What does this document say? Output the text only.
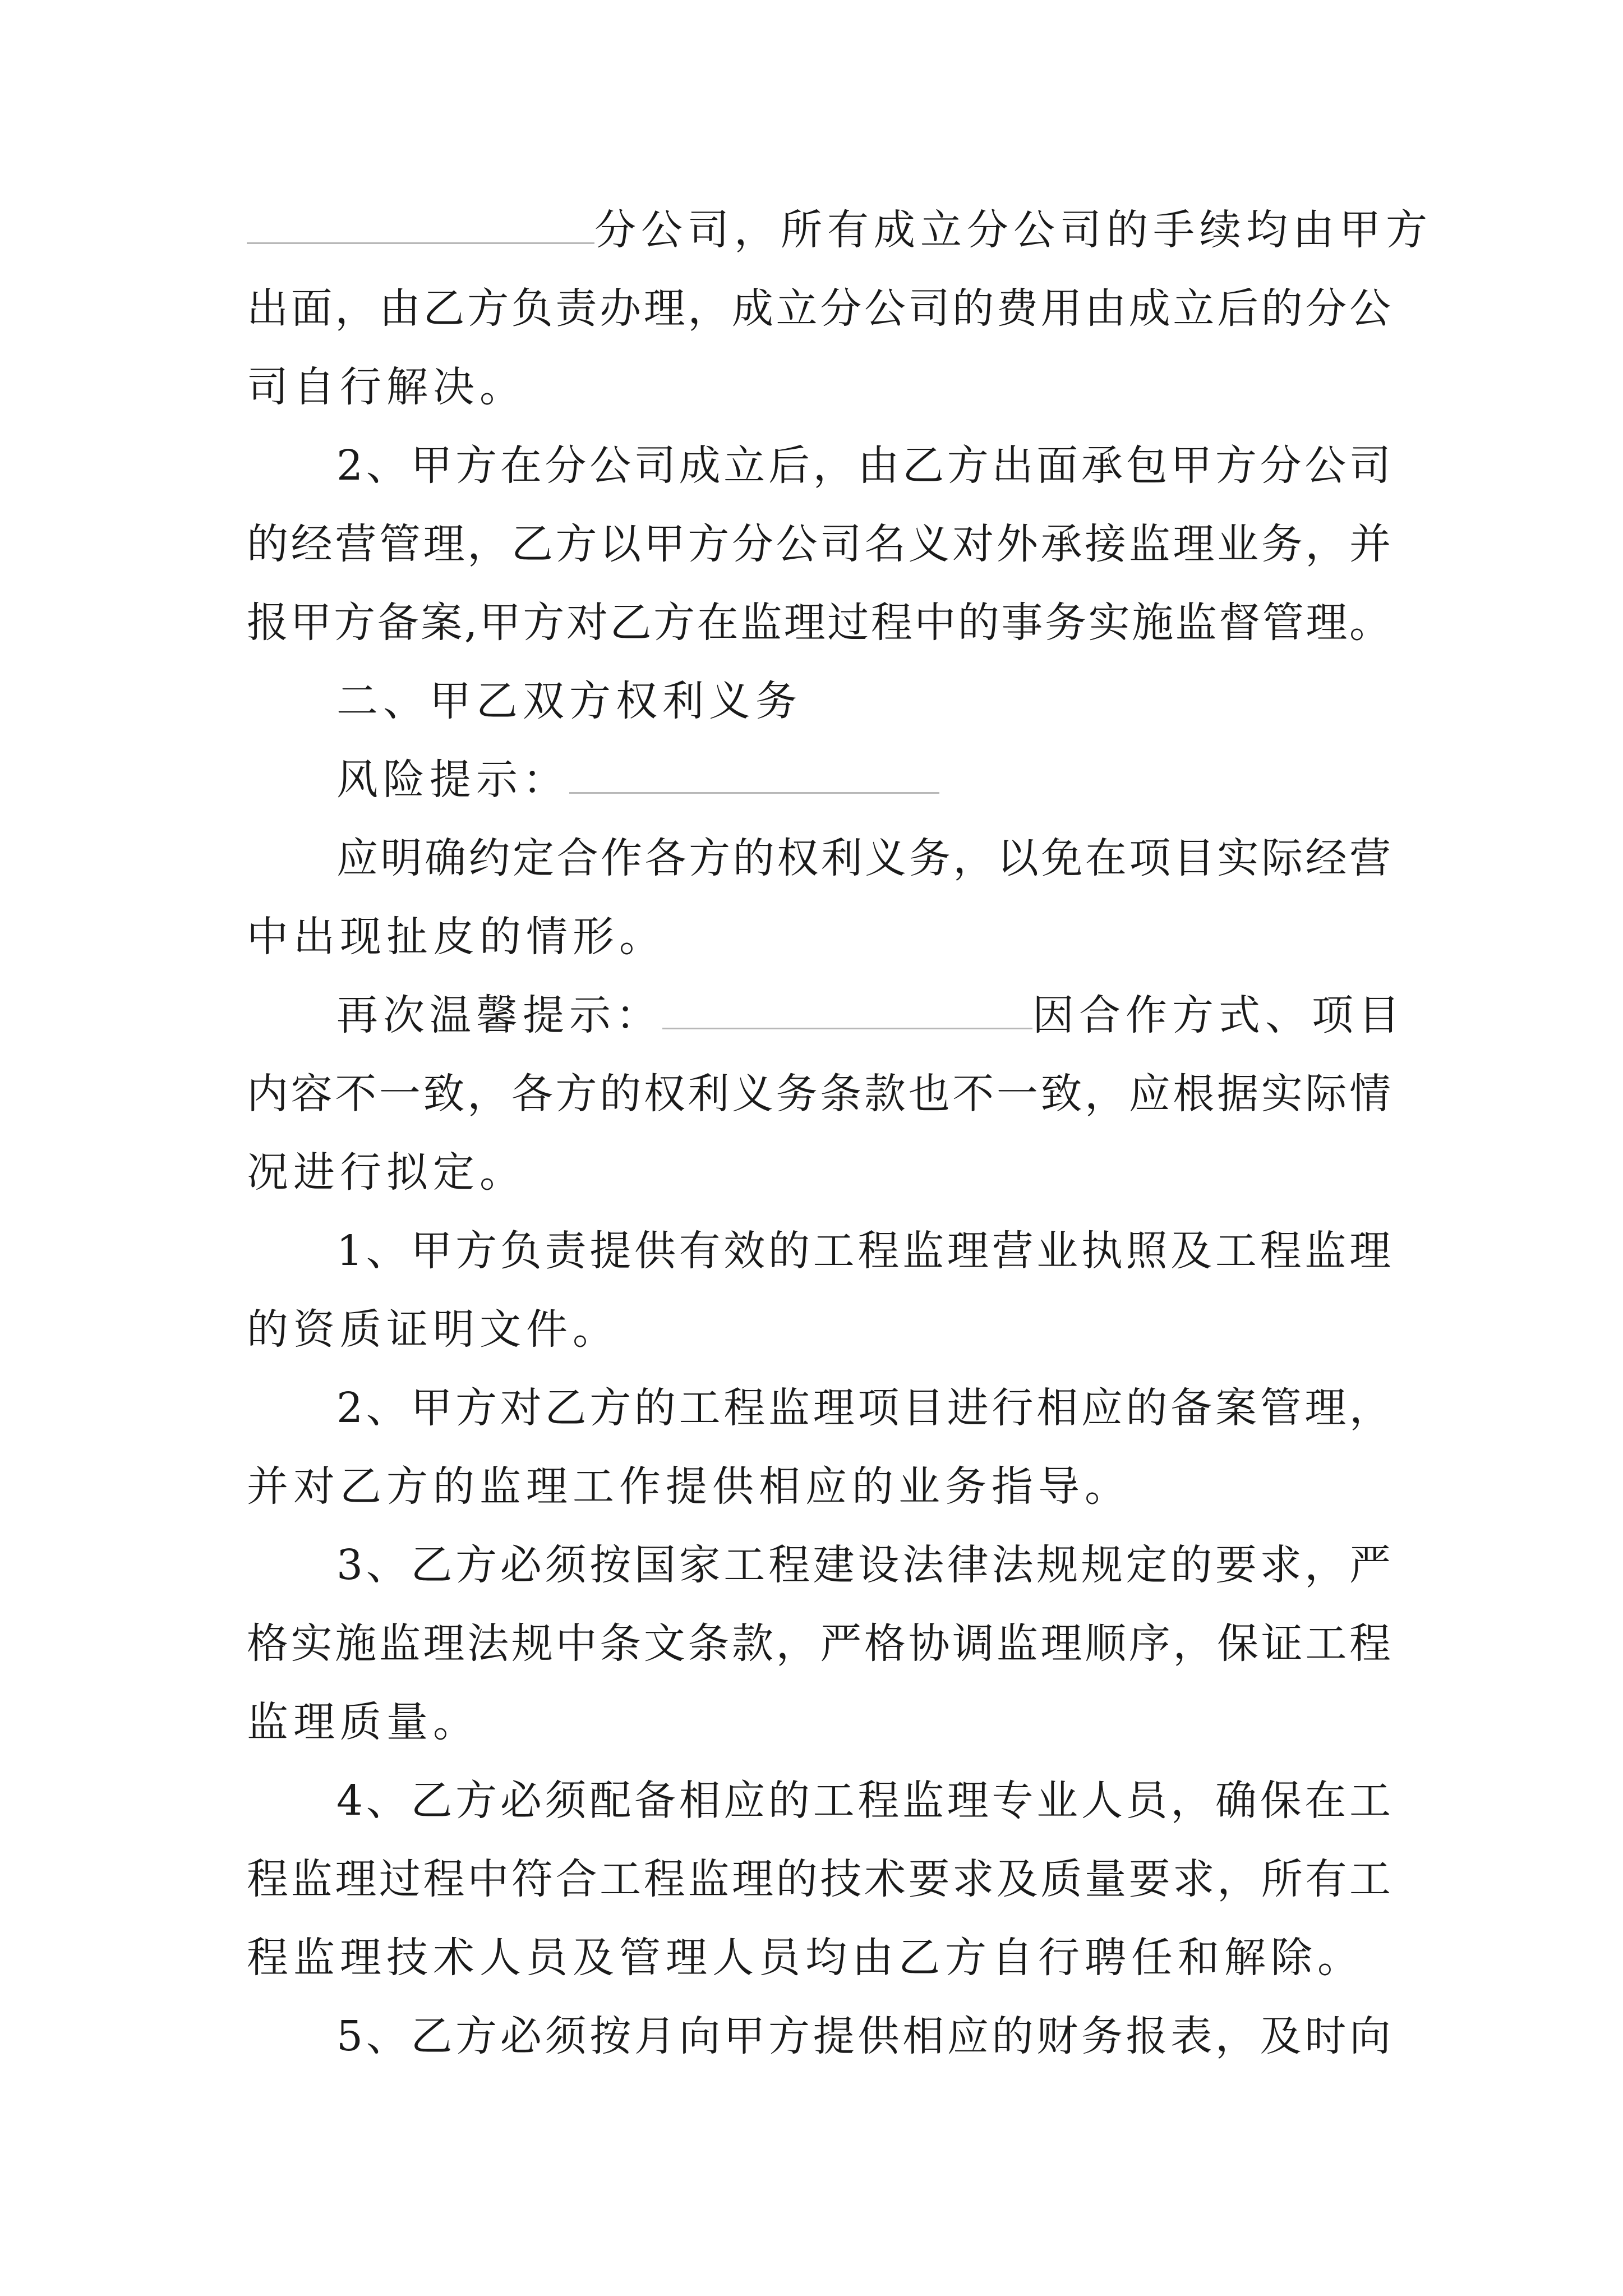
分公司，所有成立分公司的手续均由甲方
出面，由乙方负责办理，成立分公司的费用由成立后的分公
司自行解决。
2、甲方在分公司成立后，由乙方出面承包甲方分公司
的经营管理，乙方以甲方分公司名义对外承接监理业务，并
报甲方备案,甲方对乙方在监理过程中的事务实施监督管理。
二、甲乙双方权利义务
风险提示：
应明确约定合作各方的权利义务，以免在项目实际经营
中出现扯皮的情形。
再次温馨提示：	因合作方式、项目
内容不一致，各方的权利义务条款也不一致，应根据实际情
况进行拟定。
1、甲方负责提供有效的工程监理营业执照及工程监理
的资质证明文件。
2、甲方对乙方的工程监理项目进行相应的备案管理，
并对乙方的监理工作提供相应的业务指导。
3、乙方必须按国家工程建设法律法规规定的要求，严
格实施监理法规中条文条款，严格协调监理顺序，保证工程
监理质量。
4、乙方必须配备相应的工程监理专业人员，确保在工
程监理过程中符合工程监理的技术要求及质量要求，所有工
程监理技术人员及管理人员均由乙方自行聘任和解除。
5、乙方必须按月向甲方提供相应的财务报表，及时向
